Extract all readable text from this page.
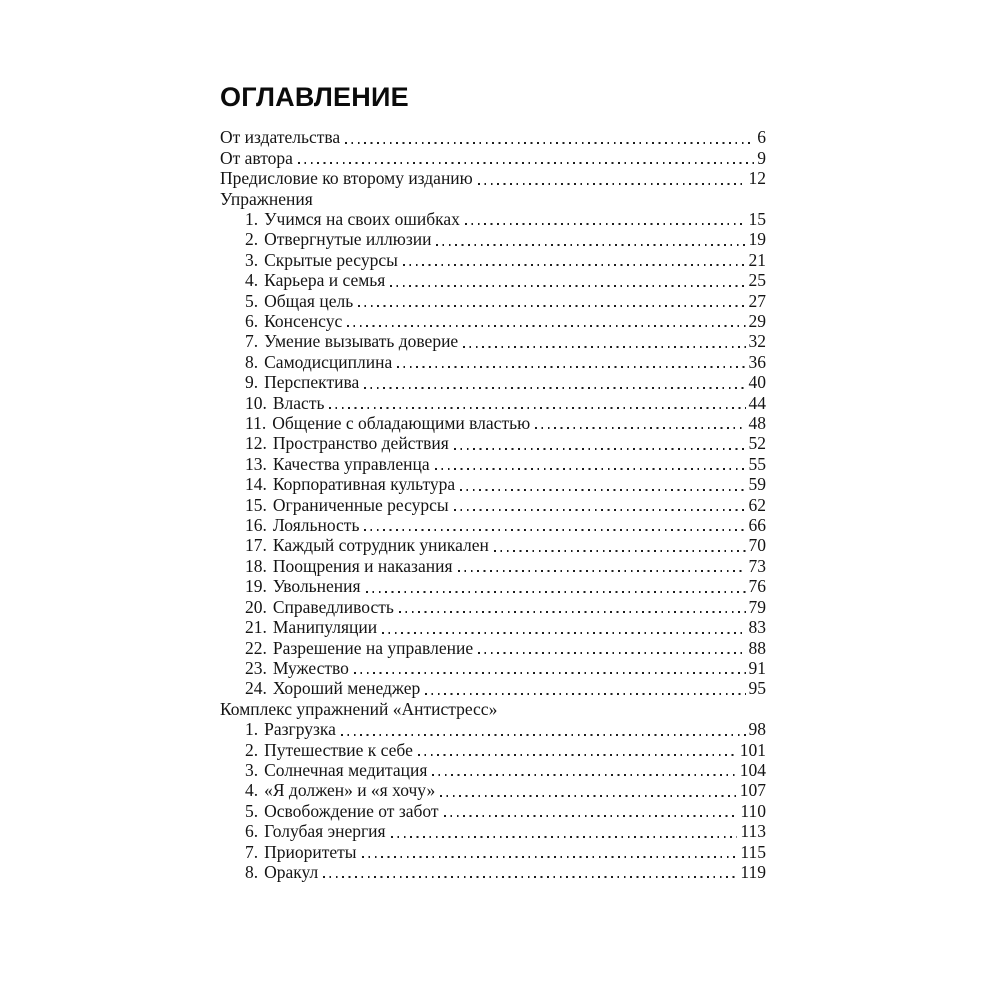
ОГЛАВЛЕНИЕ
От издательства	6
От автора	9
Предисловие ко второму изданию	12
Упражнения
1. Учимся на своих ошибках	15
2. Отвергнутые иллюзии	19
3. Скрытые ресурсы	21
4. Карьера и семья	25
5. Общая цель	27
6. Консенсус	29
7. Умение вызывать доверие	32
8. Самодисциплина	36
9. Перспектива	40
10. Власть	44
11. Общение с обладающими властью	48
12. Пространство действия	52
13. Качества управленца	55
14. Корпоративная культура	59
15. Ограниченные ресурсы	62
16. Лояльность	66
17. Каждый сотрудник уникален	70
18. Поощрения и наказания	73
19. Увольнения	76
20. Справедливость	79
21. Манипуляции	83
22. Разрешение на управление	88
23. Мужество	91
24. Хороший менеджер	95
Комплекс упражнений «Антистресс»
1. Разгрузка	98
2. Путешествие к себе	101
3. Солнечная медитация	104
4. «Я должен» и «я хочу»	107
5. Освобождение от забот	110
6. Голубая энергия	113
7. Приоритеты	115
8. Оракул	119
